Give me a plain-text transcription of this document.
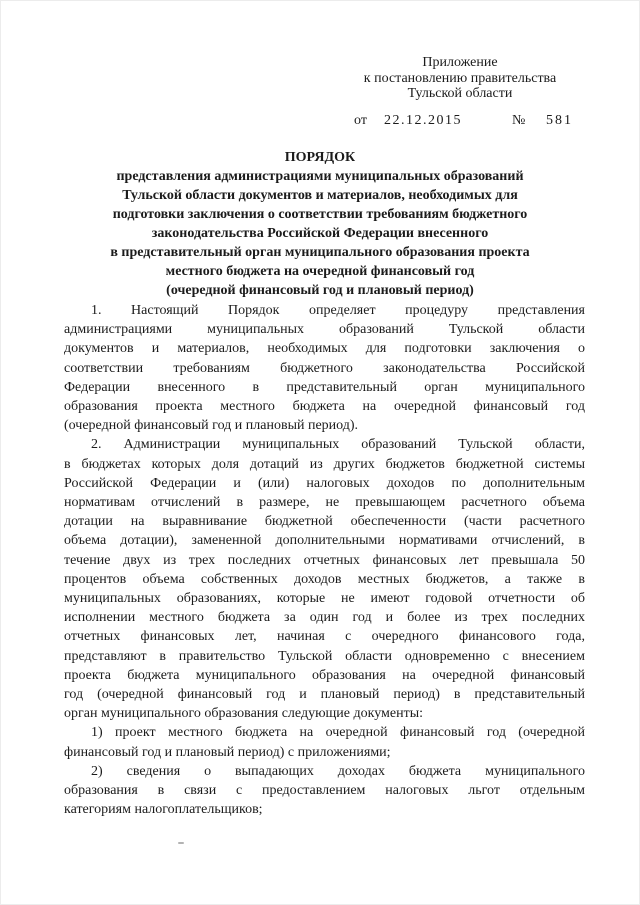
Приложение
к постановлению правительства
Тульской области
от 22.12.2015	№ 581
ПОРЯДОК
представления администрациями муниципальных образований
Тульской области документов и материалов, необходимых для
подготовки заключения о соответствии требованиям бюджетного
законодательства Российской Федерации внесенного
в представительный орган муниципального образования проекта
местного бюджета на очередной финансовый год
(очередной финансовый год и плановый период)
1. Настоящий Порядок определяет процедуру представления
администрациями муниципальных образований Тульской области
документов и материалов, необходимых для подготовки заключения о
соответствии требованиям бюджетного законодательства Российской
Федерации внесенного в представительный орган муниципального
образования проекта местного бюджета на очередной финансовый год
(очередной финансовый год и плановый период).
2. Администрации муниципальных образований Тульской области,
в бюджетах которых доля дотаций из других бюджетов бюджетной системы
Российской Федерации и (или) налоговых доходов по дополнительным
нормативам отчислений в размере, не превышающем расчетного объема
дотации на выравнивание бюджетной обеспеченности (части расчетного
объема дотации), замененной дополнительными нормативами отчислений, в
течение двух из трех последних отчетных финансовых лет превышала 50
процентов объема собственных доходов местных бюджетов, а также в
муниципальных образованиях, которые не имеют годовой отчетности об
исполнении местного бюджета за один год и более из трех последних
отчетных финансовых лет, начиная с очередного финансового года,
представляют в правительство Тульской области одновременно с внесением
проекта бюджета муниципального образования на очередной финансовый
год (очередной финансовый год и плановый период) в представительный
орган муниципального образования следующие документы:
1) проект местного бюджета на очередной финансовый год (очередной
финансовый год и плановый период) с приложениями;
2) сведения о выпадающих доходах бюджета муниципального
образования в связи с предоставлением налоговых льгот отдельным
категориям налогоплательщиков;
